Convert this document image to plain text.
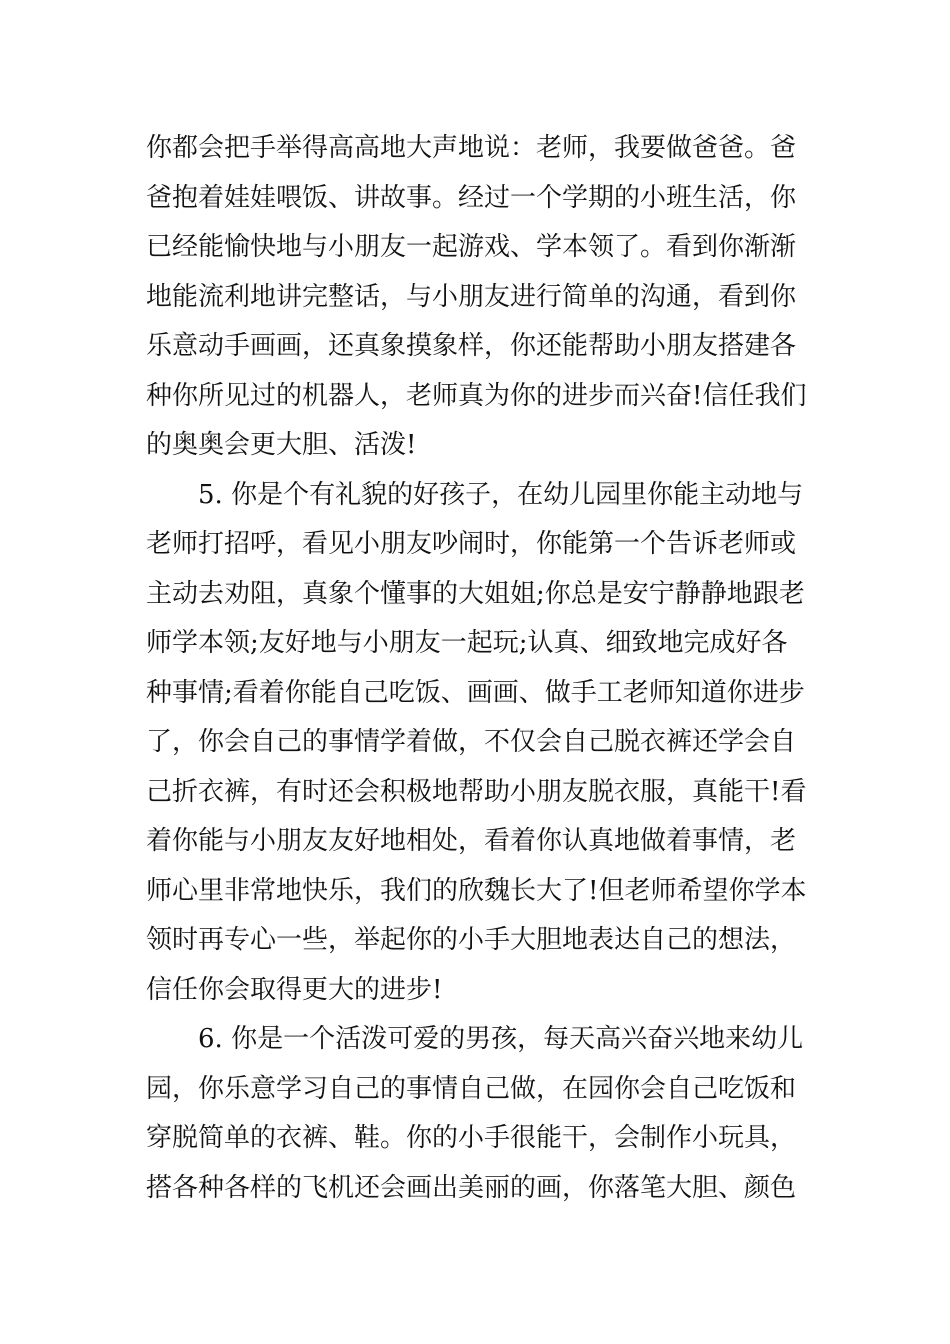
你都会把手举得高高地大声地说：老师，我要做爸爸。爸
爸抱着娃娃喂饭、讲故事。经过一个学期的小班生活，你
已经能愉快地与小朋友一起游戏、学本领了。看到你渐渐
地能流利地讲完整话，与小朋友进行简单的沟通，看到你
乐意动手画画，还真象摸象样，你还能帮助小朋友搭建各
种你所见过的机器人，老师真为你的进步而兴奋!信任我们
的奥奥会更大胆、活泼!
　　5. 你是个有礼貌的好孩子，在幼儿园里你能主动地与
老师打招呼，看见小朋友吵闹时，你能第一个告诉老师或
主动去劝阻，真象个懂事的大姐姐;你总是安宁静静地跟老
师学本领;友好地与小朋友一起玩;认真、细致地完成好各
种事情;看着你能自己吃饭、画画、做手工老师知道你进步
了，你会自己的事情学着做，不仅会自己脱衣裤还学会自
己折衣裤，有时还会积极地帮助小朋友脱衣服，真能干!看
着你能与小朋友友好地相处，看着你认真地做着事情，老
师心里非常地快乐，我们的欣魏长大了!但老师希望你学本
领时再专心一些，举起你的小手大胆地表达自己的想法，
信任你会取得更大的进步!
　　6. 你是一个活泼可爱的男孩，每天高兴奋兴地来幼儿
园，你乐意学习自己的事情自己做，在园你会自己吃饭和
穿脱简单的衣裤、鞋。你的小手很能干，会制作小玩具，
搭各种各样的飞机还会画出美丽的画，你落笔大胆、颜色
